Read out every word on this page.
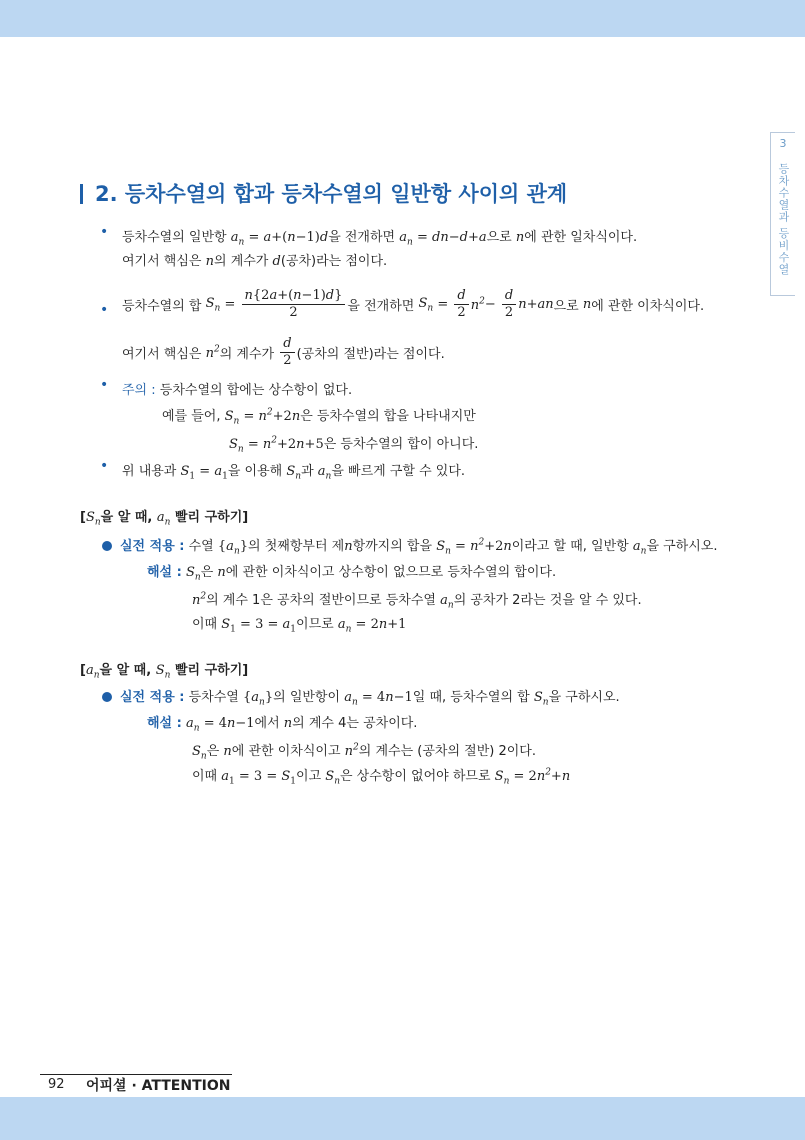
3
등차수열과 등비수열
2. 등차수열의 합과 등차수열의 일반항 사이의 관계
• 등차수열의 일반항 $a_n = a+(n-1)d$을 전개하면 $a_n = dn-d+a$으로 n에 관한 일차식이다.
여기서 핵심은 n의 계수가 d(공차)라는 점이다.
• 등차수열의 합 $S_n = \frac{n\{2a+(n-1)d\}}{2}$ 을 전개하면 $S_n = \frac{d}{2} n^2- \frac{d}{2} n+an$으로 n에 관한 이차식이다.
여기서 핵심은 $n^2$의 계수가 $\frac{d}{2}$ (공차의 절반)라는 점이다.
• 주의 : 등차수열의 합에는 상수항이 없다.
예를 들어, $S_n = n^2+2n$은 등차수열의 합을 나타내지만
$S_n = n^2+2n+5$은 등차수열의 합이 아니다.
• 위 내용과 $S_1 = a_1$을 이용해 $S_n$과 $a_n$을 빠르게 구할 수 있다.
[$S_n$을 알 때, $a_n$ 빨리 구하기]
실전 적용 : 수열 $\{a_n\}$의 첫째항부터 제n항까지의 합을 $S_n = n^2+2n$이라고 할 때, 일반항 $a_n$을 구하시오.
해설 : $S_n$은 n에 관한 이차식이고 상수항이 없으므로 등차수열의 합이다.
$n^2$의 계수 1은 공차의 절반이므로 등차수열 $a_n$의 공차가 2라는 것을 알 수 있다.
이때 $S_1 = 3 = a_1$이므로 $a_n = 2n+1$
[$a_n$을 알 때, $S_n$ 빨리 구하기]
실전 적용 : 등차수열 $\{a_n\}$의 일반항이 $a_n = 4n-1$일 때, 등차수열의 합 $S_n$을 구하시오.
해설 : $a_n = 4n-1$에서 n의 계수 4는 공차이다.
$S_n$은 n에 관한 이차식이고 $n^2$의 계수는 (공차의 절반) 2이다.
이때 $a_1 = 3 = S_1$이고 $S_n$은 상수항이 없어야 하므로 $S_n = 2n^2+n$
92 어피셜 · ATTENTION
